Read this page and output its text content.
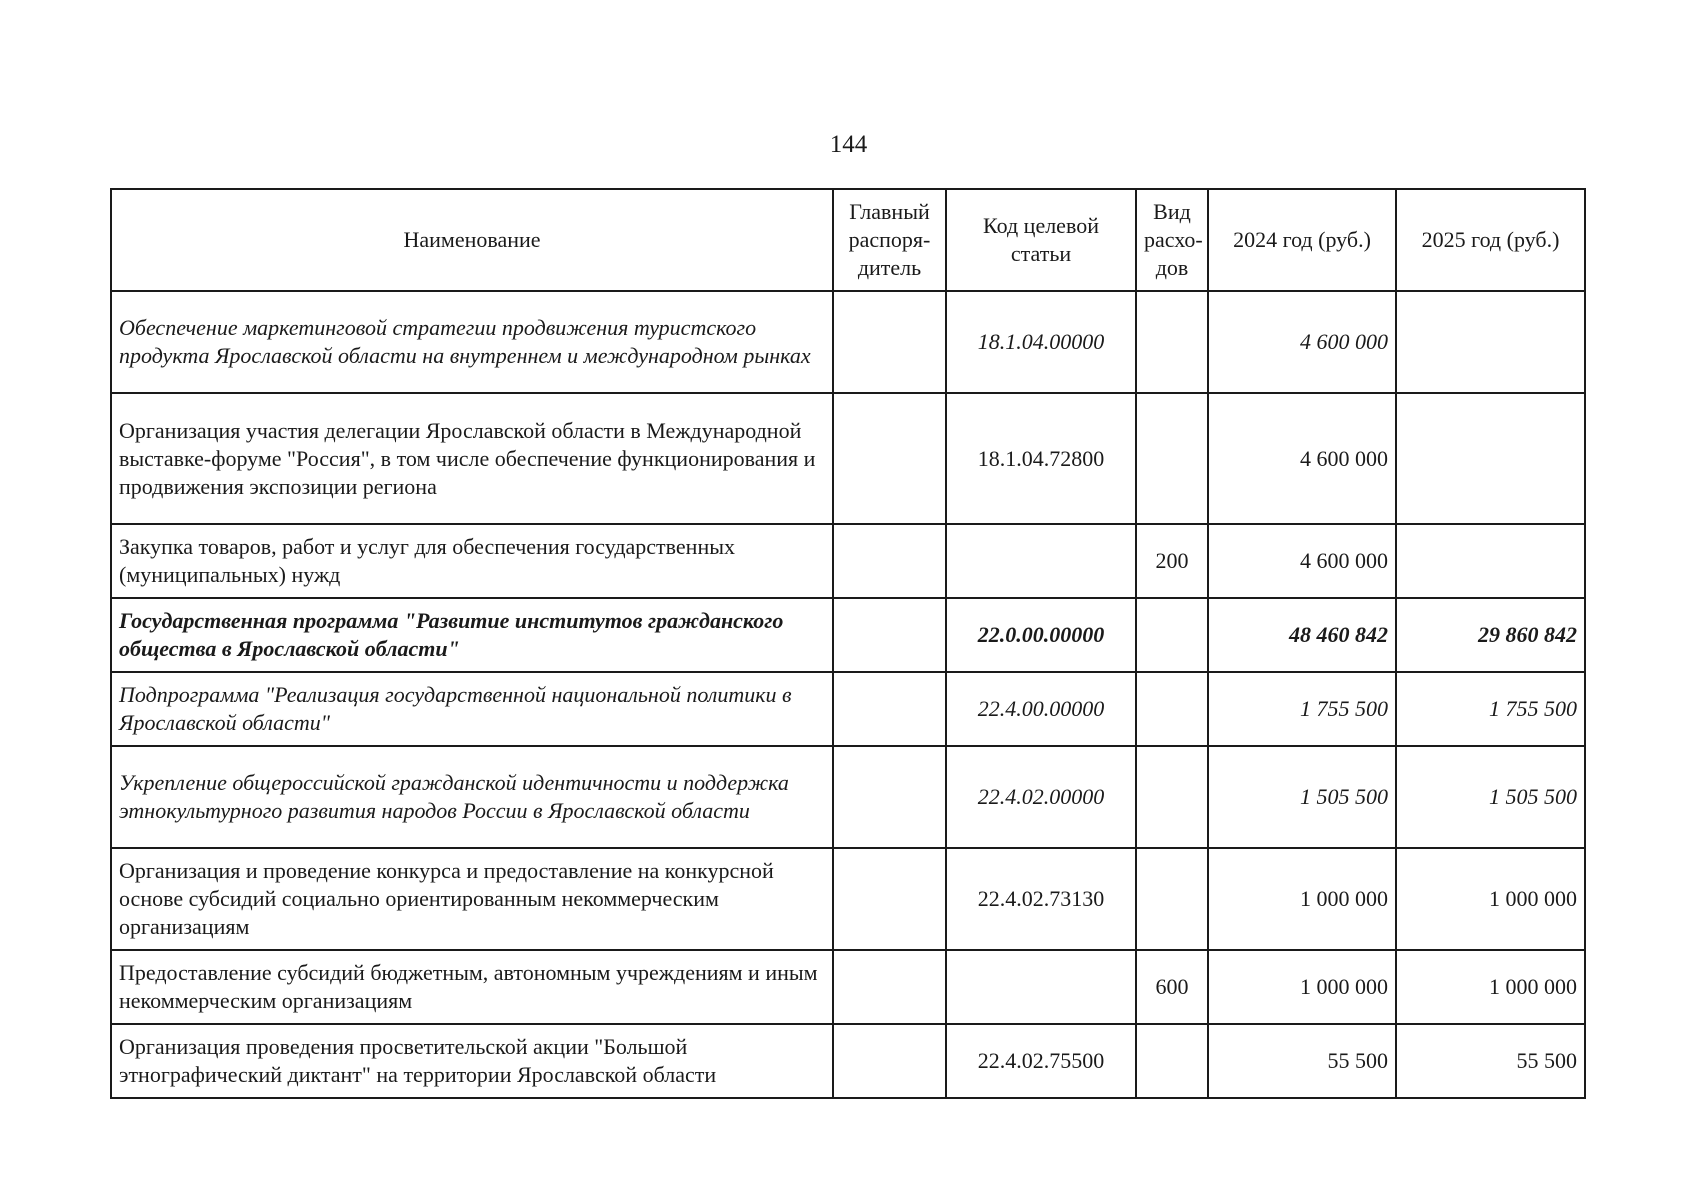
144
Наименование	Главный распоря-дитель	Код целевой статьи	Вид расхо-дов	2024 год (руб.)	2025 год (руб.)
Обеспечение маркетинговой стратегии продвижения туристского продукта Ярославской области на внутреннем и международном рынках		18.1.04.00000		4 600 000	
Организация участия делегации Ярославской области в Международной выставке-форуме "Россия", в том числе обеспечение функционирования и продвижения экспозиции региона		18.1.04.72800		4 600 000	
Закупка товаров, работ и услуг для обеспечения государственных (муниципальных) нужд			200	4 600 000	
Государственная программа "Развитие институтов гражданского общества в Ярославской области"		22.0.00.00000		48 460 842	29 860 842
Подпрограмма "Реализация государственной национальной политики в Ярославской области"		22.4.00.00000		1 755 500	1 755 500
Укрепление общероссийской гражданской идентичности и поддержка этнокультурного развития народов России в Ярославской области		22.4.02.00000		1 505 500	1 505 500
Организация и проведение конкурса и предоставление на конкурсной основе субсидий социально ориентированным некоммерческим организациям		22.4.02.73130		1 000 000	1 000 000
Предоставление субсидий бюджетным, автономным учреждениям и иным некоммерческим организациям			600	1 000 000	1 000 000
Организация проведения просветительской акции "Большой этнографический диктант" на территории Ярославской области		22.4.02.75500		55 500	55 500
